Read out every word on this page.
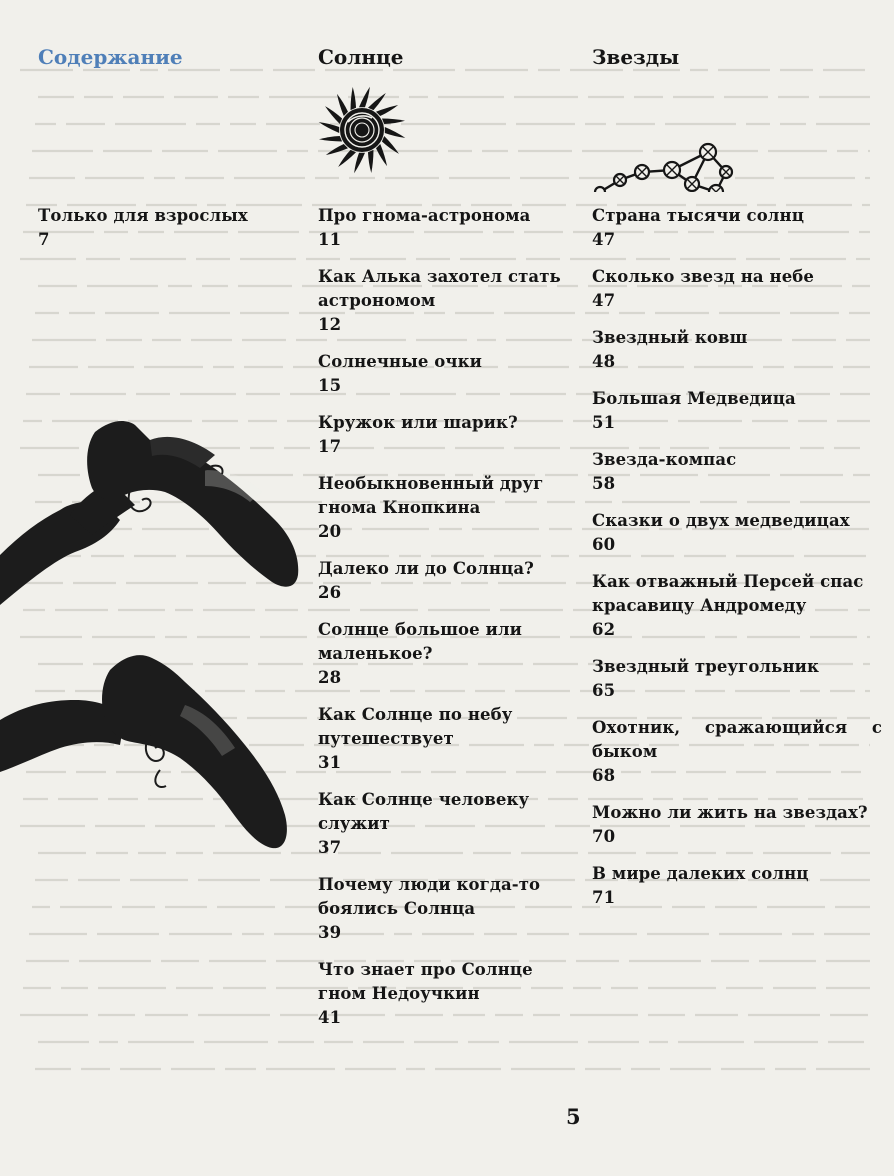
Содержание
Только для взрослых
7
Солнце
Про гнома-астронома
11
Как Алька захотел стать астрономом
12
Солнечные очки
15
Кружок или шарик?
17
Необыкновенный друг гнома Кнопкина
20
Далеко ли до Солнца?
26
Солнце большое или маленькое?
28
Как Солнце по небу путешествует
31
Как Солнце человеку служит
37
Почему люди когда-то боялись Солнца
39
Что знает про Солнце гном Недоучкин
41
Звезды
Страна тысячи солнц
47
Сколько звезд на небе
47
Звездный ковш
48
Большая Медведица
51
Звезда-компас
58
Сказки о двух медведицах
60
Как отважный Персей спас красавицу Андромеду
62
Звездный треугольник
65
Охотник, сражающийся с быком
68
Можно ли жить на звездах?
70
В мире далеких солнц
71
5
